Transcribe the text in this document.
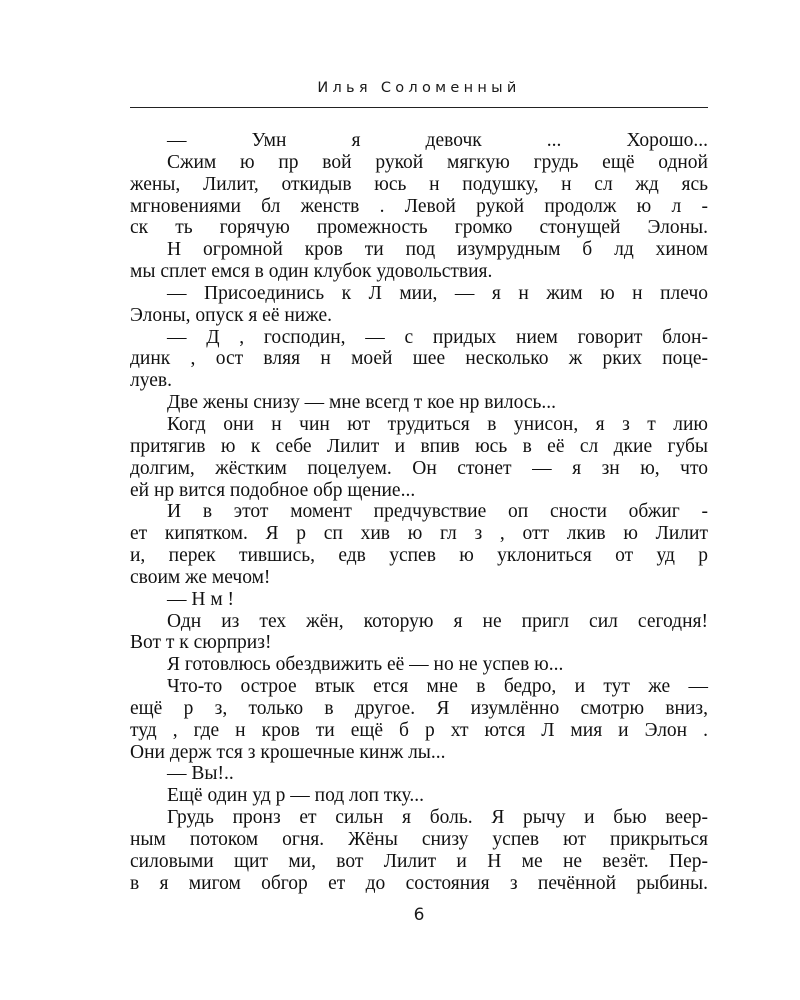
Илья Соломенный
— Умн я девочк ... Хорошо...
Сжим ю пр вой рукой мягкую грудь ещё одной
жены, Лилит, откидыв юсь н подушку, н сл жд ясь
мгновениями бл женств . Левой рукой продолж ю л -
ск ть горячую промежность громко стонущей Элоны.
Н огромной кров ти под изумрудным б лд хином
мы сплет емся в один клубок удовольствия.
— Присоединись к Л мии, — я н жим ю н плечо
Элоны, опуск я её ниже.
— Д , господин, — с придых нием говорит блон-
динк , ост вляя н моей шее несколько ж рких поце-
луев.
Две жены снизу — мне всегд т кое нр вилось...
Когд они н чин ют трудиться в унисон, я з т лию
притягив ю к себе Лилит и впив юсь в её сл дкие губы
долгим, жёстким поцелуем. Он стонет — я зн ю, что
ей нр вится подобное обр щение...
И в этот момент предчувствие оп сности обжиг -
ет кипятком. Я р сп хив ю гл з , отт лкив ю Лилит
и, перек тившись, едв успев ю уклониться от уд р
своим же мечом!
— Н м !
Одн из тех жён, которую я не пригл сил сегодня!
Вот т к сюрприз!
Я готовлюсь обездвижить её — но не успев ю...
Что-то острое втык ется мне в бедро, и тут же —
ещё р з, только в другое. Я изумлённо смотрю вниз,
туд , где н кров ти ещё б р хт ются Л мия и Элон .
Они держ тся з крошечные кинж лы...
— Вы!..
Ещё один уд р — под лоп тку...
Грудь пронз ет сильн я боль. Я рычу и бью веер-
ным потоком огня. Жёны снизу успев ют прикрыться
силовыми щит ми, вот Лилит и Н ме не везёт. Пер-
в я мигом обгор ет до состояния з печённой рыбины.
6
